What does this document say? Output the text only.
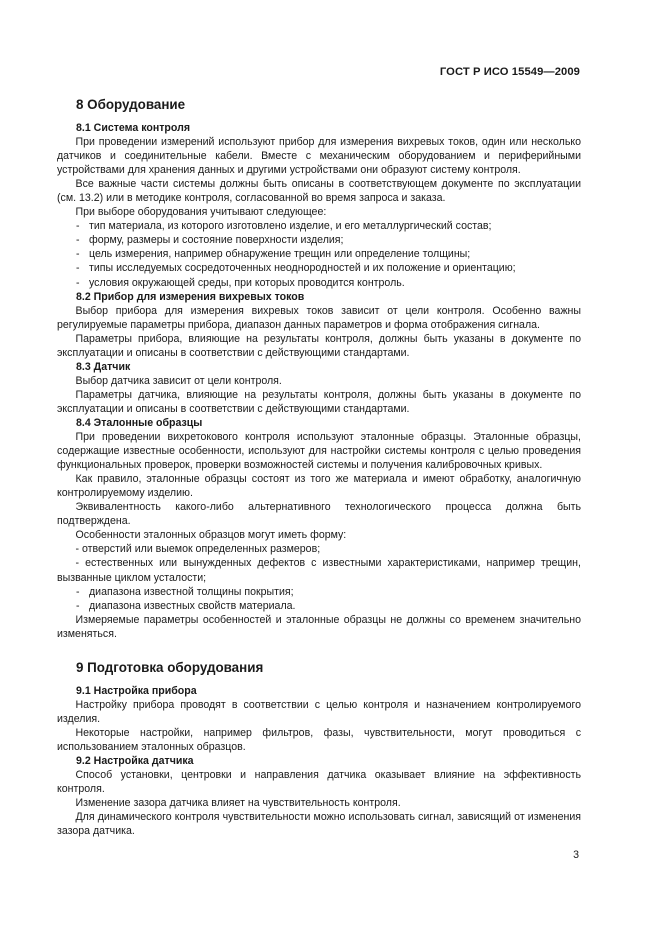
ГОСТ Р ИСО 15549—2009
8 Оборудование

8.1 Система контроля

При проведении измерений используют прибор для измерения вихревых токов, один или несколько датчиков и соединительные кабели. Вместе с механическим оборудованием и периферийными устройствами для хранения данных и другими устройствами они образуют систему контроля.

Все важные части системы должны быть описаны в соответствующем документе по эксплуатации (см. 13.2) или в методике контроля, согласованной во время запроса и заказа.

При выборе оборудования учитывают следующее:

- тип материала, из которого изготовлено изделие, и его металлургический состав;
- форму, размеры и состояние поверхности изделия;
- цель измерения, например обнаружение трещин или определение толщины;
- типы исследуемых сосредоточенных неоднородностей и их положение и ориентацию;
- условия окружающей среды, при которых проводится контроль.

8.2 Прибор для измерения вихревых токов

Выбор прибора для измерения вихревых токов зависит от цели контроля. Особенно важны регулируемые параметры прибора, диапазон данных параметров и форма отображения сигнала.

Параметры прибора, влияющие на результаты контроля, должны быть указаны в документе по эксплуатации и описаны в соответствии с действующими стандартами.

8.3 Датчик

Выбор датчика зависит от цели контроля.

Параметры датчика, влияющие на результаты контроля, должны быть указаны в документе по эксплуатации и описаны в соответствии с действующими стандартами.

8.4 Эталонные образцы

При проведении вихретокового контроля используют эталонные образцы. Эталонные образцы, содержащие известные особенности, используют для настройки системы контроля с целью проведения функциональных проверок, проверки возможностей системы и получения калибровочных кривых.

Как правило, эталонные образцы состоят из того же материала и имеют обработку, аналогичную контролируемому изделию.

Эквивалентность какого-либо альтернативного технологического процесса должна быть подтверждена.

Особенности эталонных образцов могут иметь форму:

- отверстий или выемок определенных размеров;

- естественных или вынужденных дефектов с известными характеристиками, например трещин, вызванные циклом усталости;

- диапазона известной толщины покрытия;
- диапазона известных свойств материала.

Измеряемые параметры особенностей и эталонные образцы не должны со временем значительно изменяться.

9 Подготовка оборудования

9.1 Настройка прибора

Настройку прибора проводят в соответствии с целью контроля и назначением контролируемого изделия.

Некоторые настройки, например фильтров, фазы, чувствительности, могут проводиться с использованием эталонных образцов.

9.2 Настройка датчика

Способ установки, центровки и направления датчика оказывает влияние на эффективность контроля.

Изменение зазора датчика влияет на чувствительность контроля.

Для динамического контроля чувствительности можно использовать сигнал, зависящий от изменения зазора датчика.

3
